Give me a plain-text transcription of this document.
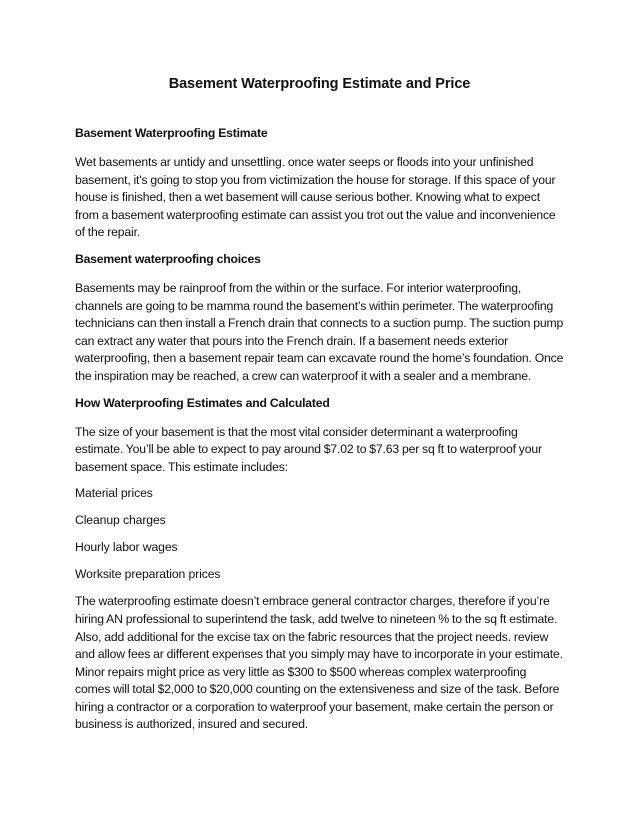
Basement Waterproofing Estimate and Price
Basement Waterproofing Estimate
Wet basements ar untidy and unsettling. once water seeps or floods into your unfinished basement, it's going to stop you from victimization the house for storage. If this space of your house is finished, then a wet basement will cause serious bother. Knowing what to expect from a basement waterproofing estimate can assist you trot out the value and inconvenience of the repair.
Basement waterproofing choices
Basements may be rainproof from the within or the surface. For interior waterproofing, channels are going to be mamma round the basement’s within perimeter. The waterproofing technicians can then install a French drain that connects to a suction pump. The suction pump can extract any water that pours into the French drain. If a basement needs exterior waterproofing, then a basement repair team can excavate round the home’s foundation. Once the inspiration may be reached, a crew can waterproof it with a sealer and a membrane.
How Waterproofing Estimates and Calculated
The size of your basement is that the most vital consider determinant a waterproofing estimate. You’ll be able to expect to pay around $7.02 to $7.63 per sq ft to waterproof your basement space. This estimate includes:
Material prices
Cleanup charges
Hourly labor wages
Worksite preparation prices
The waterproofing estimate doesn’t embrace general contractor charges, therefore if you’re hiring AN professional to superintend the task, add twelve to nineteen % to the sq ft estimate. Also, add additional for the excise tax on the fabric resources that the project needs. review and allow fees ar different expenses that you simply may have to incorporate in your estimate. Minor repairs might price as very little as $300 to $500 whereas complex waterproofing comes will total $2,000 to $20,000 counting on the extensiveness and size of the task. Before hiring a contractor or a corporation to waterproof your basement, make certain the person or business is authorized, insured and secured.
